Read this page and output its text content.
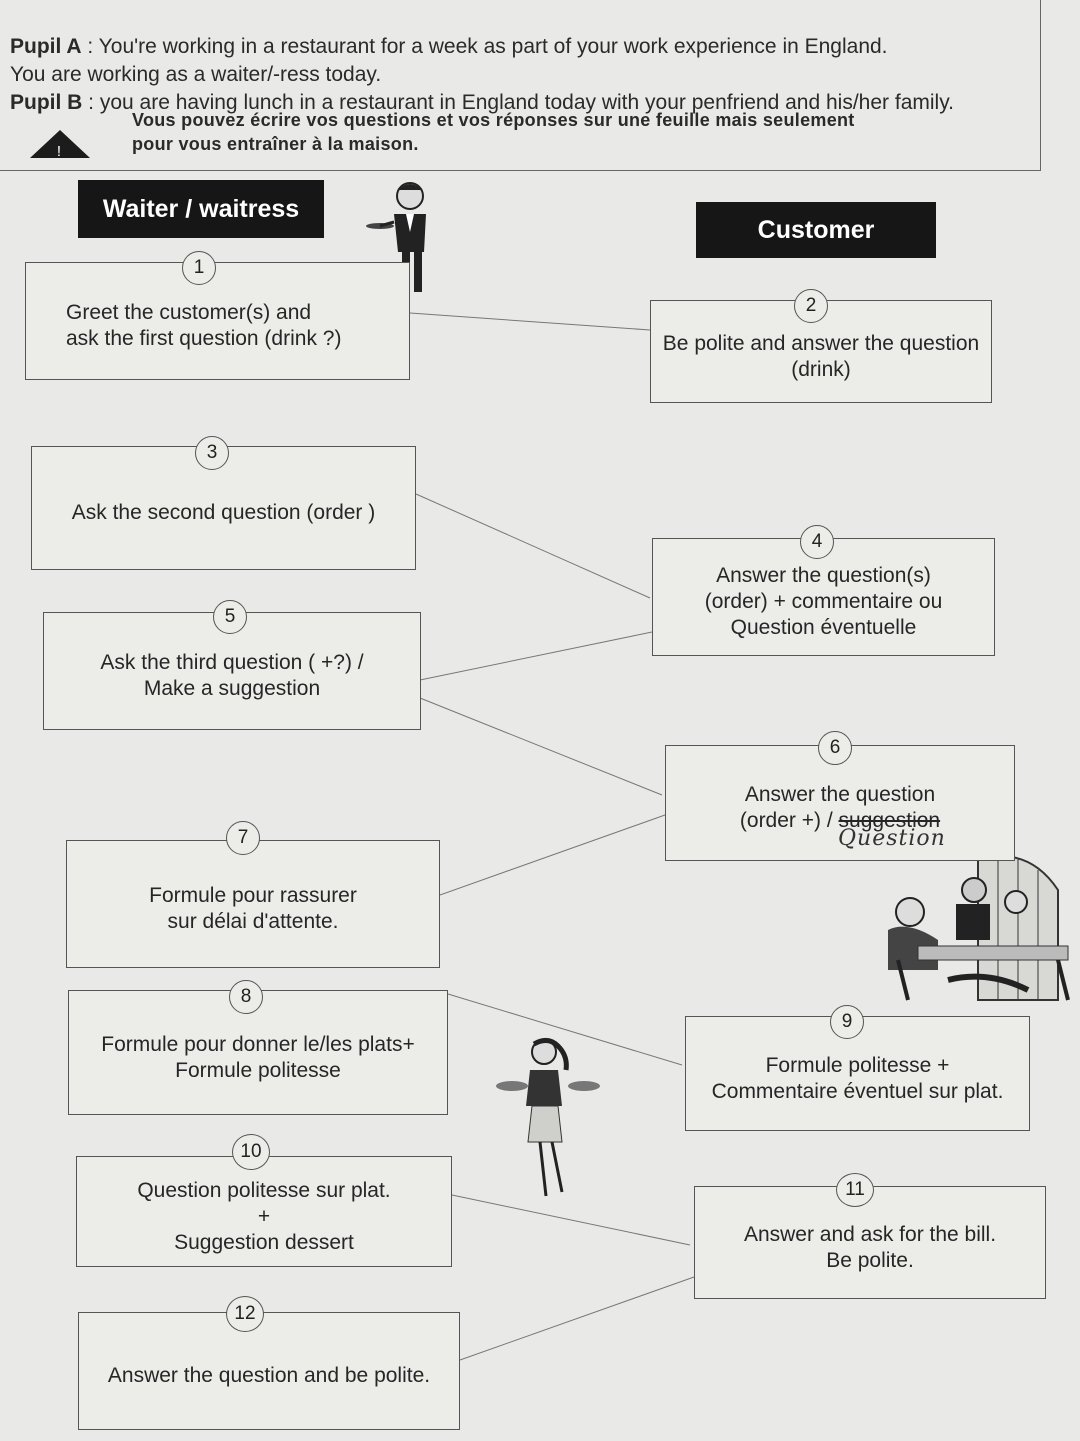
Pupil A : You're working in a restaurant for a week as part of your work experience in England.
You are working as a waiter/-ress today.
Pupil B : you are having lunch in a restaurant in England today with your penfriend and his/her family.
!
Vous pouvez écrire vos questions et vos réponses sur une feuille mais seulement
pour vous entraîner à la maison.
Waiter / waitress
Customer
Greet the customer(s) and
ask the first question (drink ?)
1
Be polite and answer the question
(drink)
2
Ask the second question (order )
3
Answer the question(s)
(order) + commentaire ou
Question éventuelle
4
Ask the third question ( +?) /
Make a suggestion
5
Answer the question
(order +) / suggestion
Question
6
Formule pour rassurer
sur délai d'attente.
7
Formule pour donner le/les plats+
Formule politesse
8
Formule politesse +
Commentaire éventuel sur plat.
9
Question politesse sur plat.
+
Suggestion dessert
10
Answer and ask for the bill.
Be polite.
11
Answer the question and be polite.
12
